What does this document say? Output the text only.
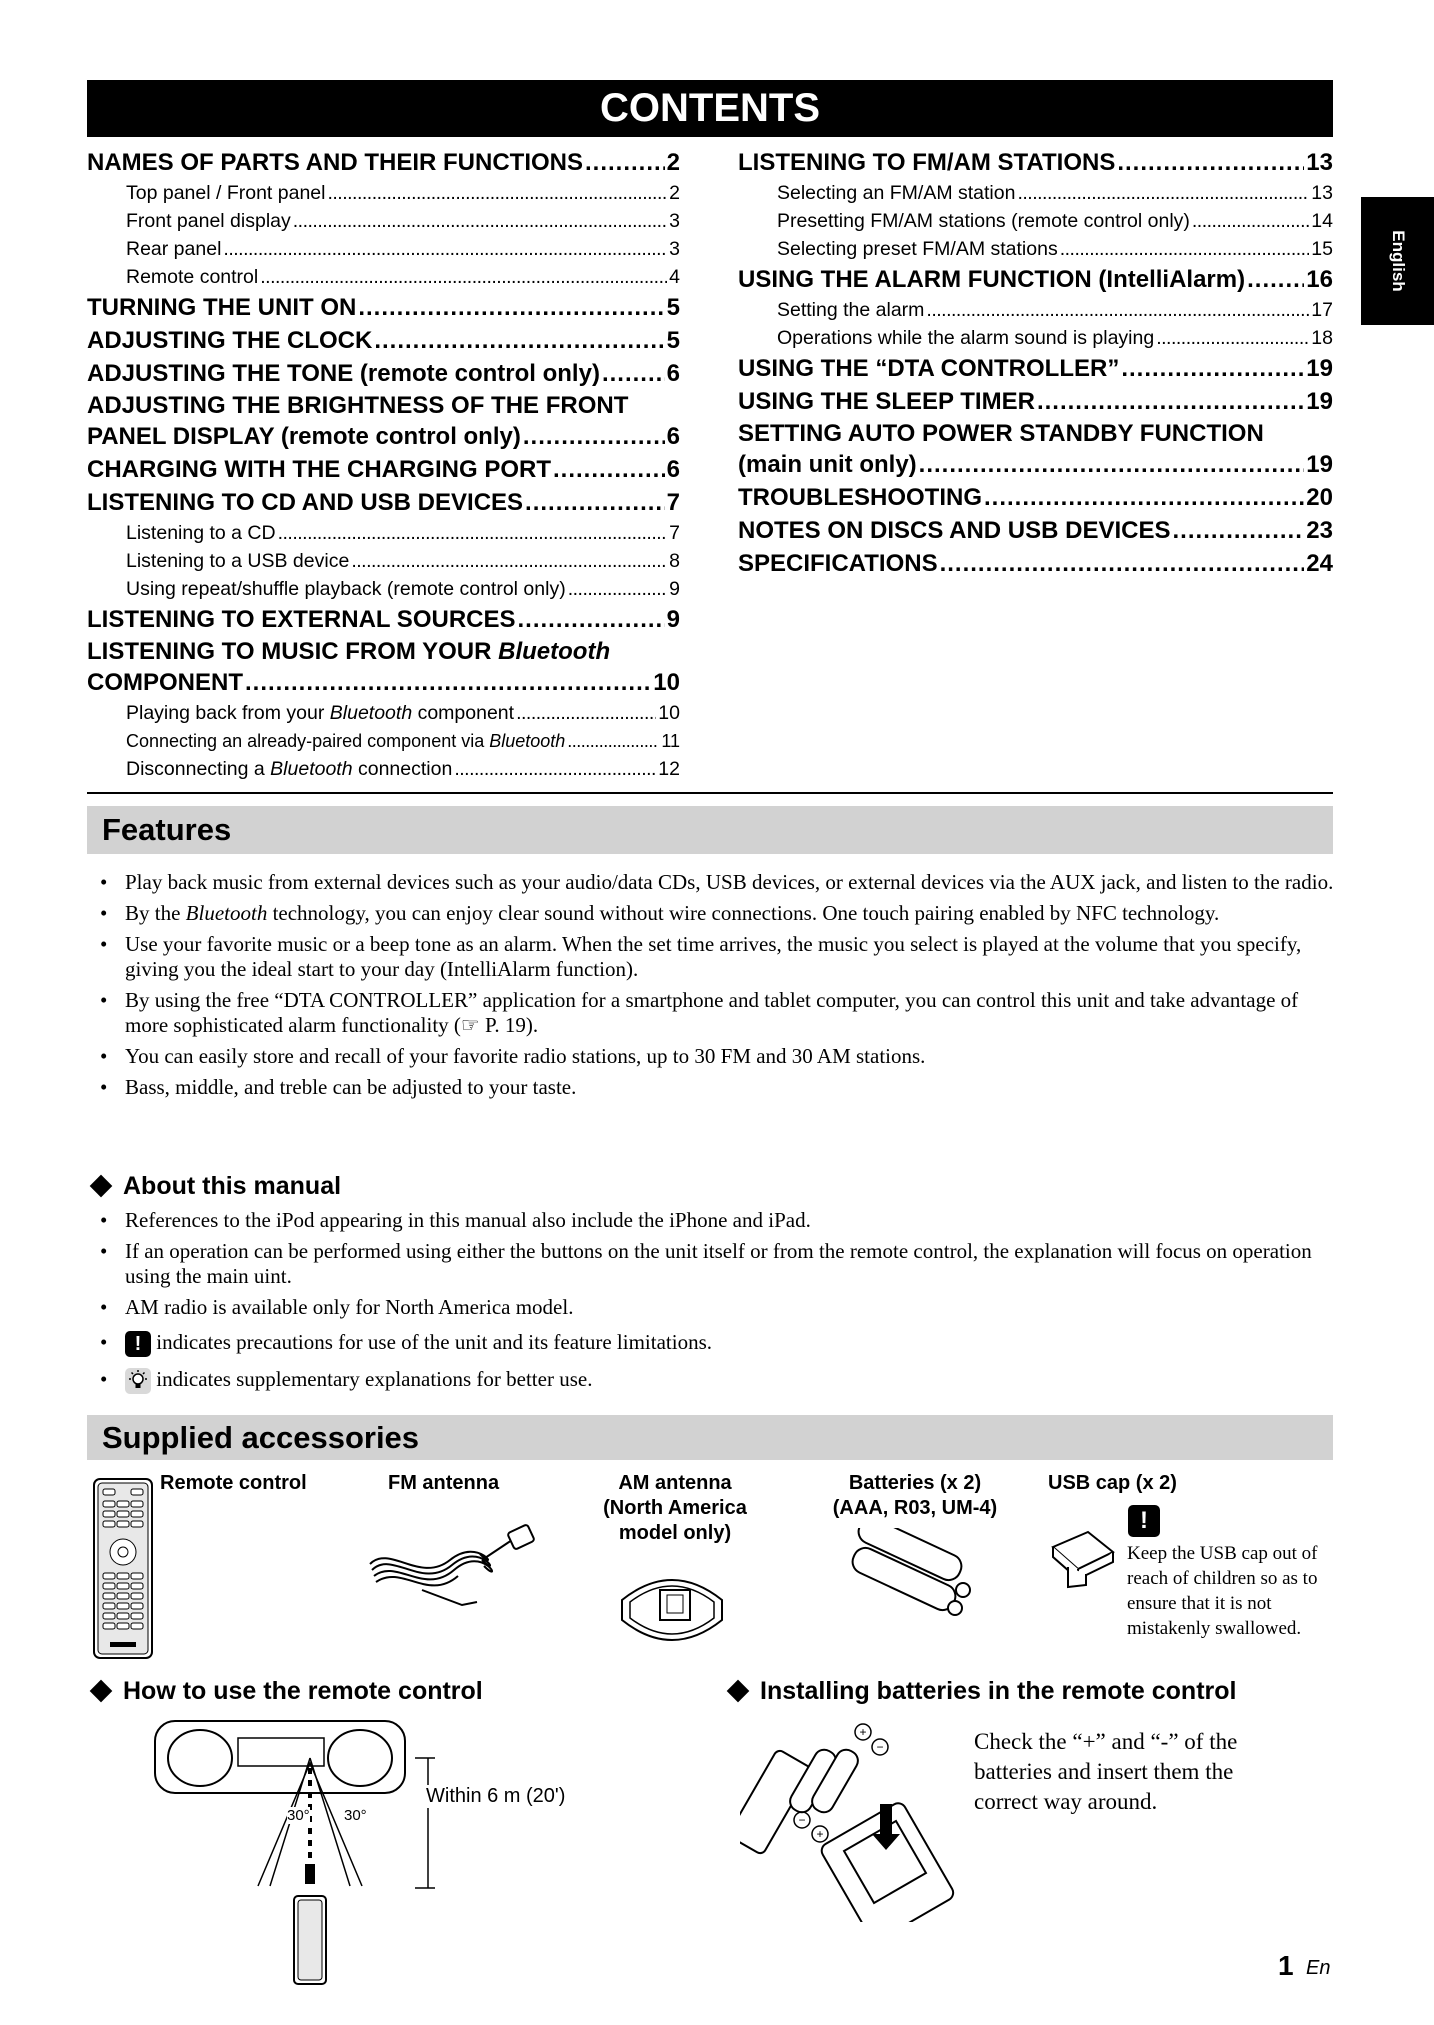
CONTENTS
English
NAMES OF PARTS AND THEIR FUNCTIONS .....	2
Top panel / Front panel .....	2
Front panel display .....	3
Rear panel .....	3
Remote control .....	4
TURNING THE UNIT ON .....	5
ADJUSTING THE CLOCK .....	5
ADJUSTING THE TONE (remote control only) .....	6
ADJUSTING THE BRIGHTNESS OF THE FRONT
PANEL DISPLAY (remote control only) .....	6
CHARGING WITH THE CHARGING PORT .....	6
LISTENING TO CD AND USB DEVICES .....	7
Listening to a CD .....	7
Listening to a USB device .....	8
Using repeat/shuffle playback (remote control only) .....	9
LISTENING TO EXTERNAL SOURCES .....	9
LISTENING TO MUSIC FROM YOUR Bluetooth
COMPONENT .....	10
Playing back from your Bluetooth component .....	10
Connecting an already-paired component via Bluetooth .....	11
Disconnecting a Bluetooth connection .....	12
LISTENING TO FM/AM STATIONS .....	13
Selecting an FM/AM station .....	13
Presetting FM/AM stations (remote control only) .....	14
Selecting preset FM/AM stations .....	15
USING THE ALARM FUNCTION (IntelliAlarm) .....	16
Setting the alarm .....	17
Operations while the alarm sound is playing .....	18
USING THE “DTA CONTROLLER” .....	19
USING THE SLEEP TIMER .....	19
SETTING AUTO POWER STANDBY FUNCTION
(main unit only) .....	19
TROUBLESHOOTING .....	20
NOTES ON DISCS AND USB DEVICES .....	23
SPECIFICATIONS .....	24
Features
• Play back music from external devices such as your audio/data CDs, USB devices, or external devices via the AUX jack, and listen to the radio.
• By the Bluetooth technology, you can enjoy clear sound without wire connections. One touch pairing enabled by NFC technology.
• Use your favorite music or a beep tone as an alarm. When the set time arrives, the music you select is played at the volume that you specify, giving you the ideal start to your day (IntelliAlarm function).
• By using the free “DTA CONTROLLER” application for a smartphone and tablet computer, you can control this unit and take advantage of more sophisticated alarm functionality (☞ P. 19).
• You can easily store and recall of your favorite radio stations, up to 30 FM and 30 AM stations.
• Bass, middle, and treble can be adjusted to your taste.
About this manual
• References to the iPod appearing in this manual also include the iPhone and iPad.
• If an operation can be performed using either the buttons on the unit itself or from the remote control, the explanation will focus on operation using the main uint.
• AM radio is available only for North America model.
• ! indicates precautions for use of the unit and its feature limitations.
• indicates supplementary explanations for better use.
Supplied accessories
Remote control	FM antenna	AM antenna
(North America
model only)
Batteries (x 2)
(AAA, R03, UM-4)
USB cap (x 2)
!
Keep the USB cap out of reach of children so as to ensure that it is not mistakenly swallowed.
How to use the remote control
30° 30°
Within 6 m (20')
Installing batteries in the remote control
+
−
−
+
Check the “+” and “-” of the batteries and insert them the correct way around.
1 En
